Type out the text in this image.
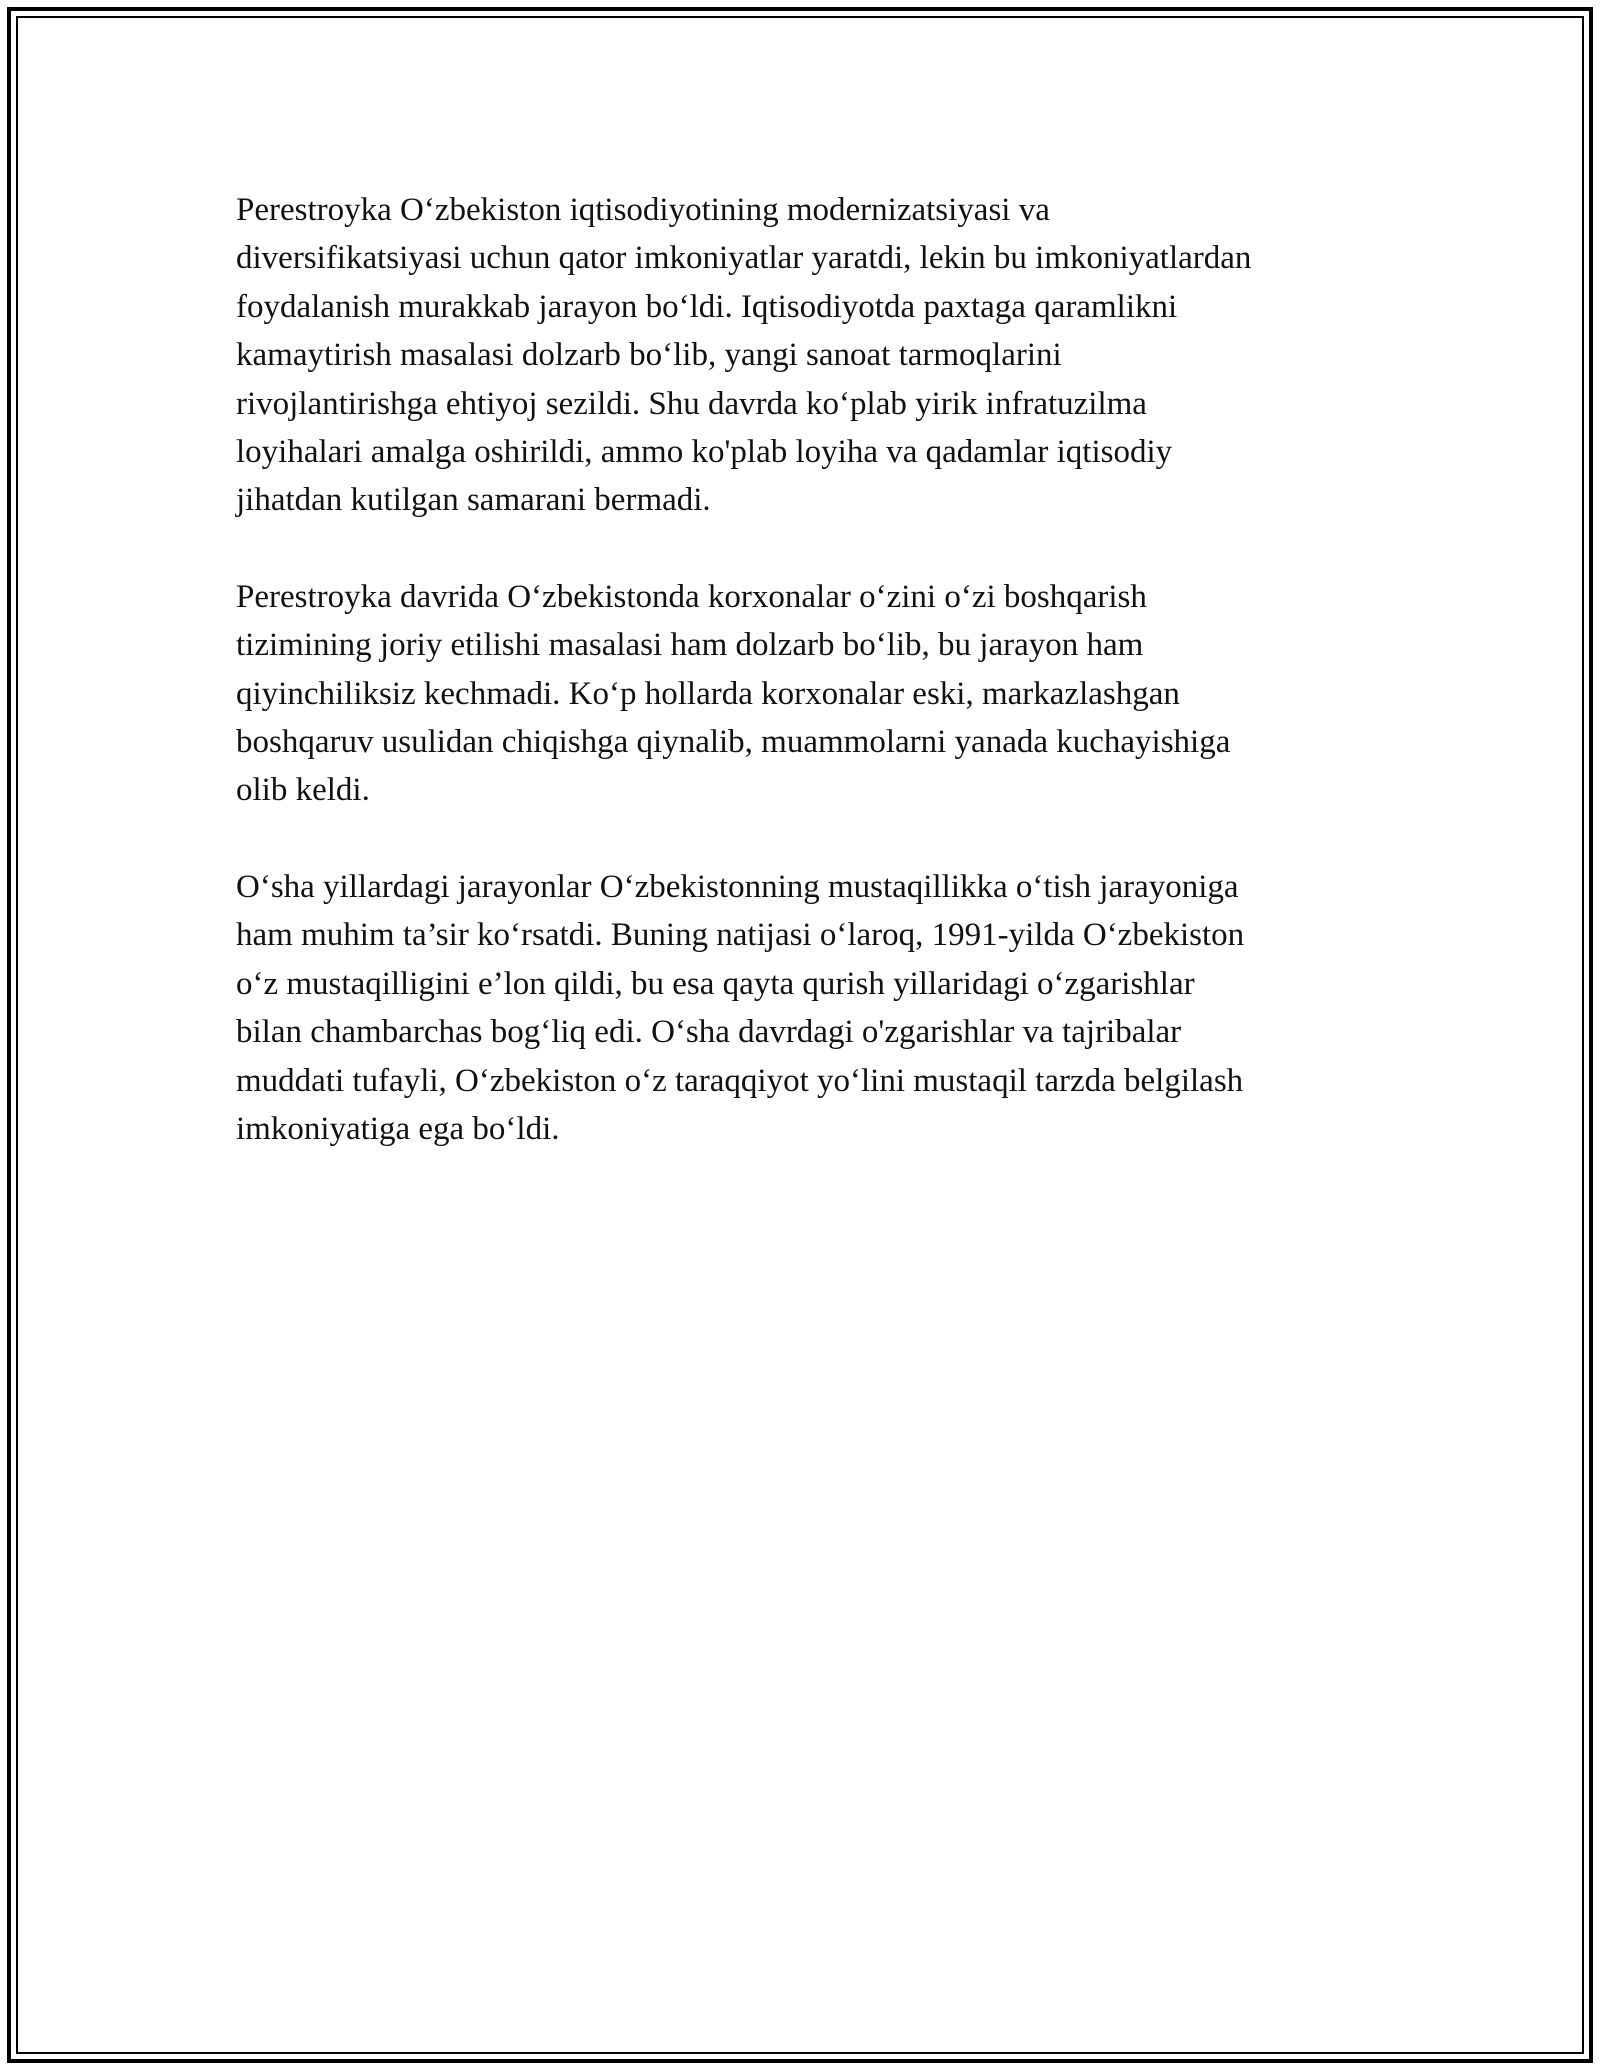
Perestroyka O‘zbekiston iqtisodiyotining modernizatsiyasi va
diversifikatsiyasi uchun qator imkoniyatlar yaratdi, lekin bu imkoniyatlardan
foydalanish murakkab jarayon bo‘ldi. Iqtisodiyotda paxtaga qaramlikni
kamaytirish masalasi dolzarb bo‘lib, yangi sanoat tarmoqlarini
rivojlantirishga ehtiyoj sezildi. Shu davrda ko‘plab yirik infratuzilma
loyihalari amalga oshirildi, ammo ko'plab loyiha va qadamlar iqtisodiy
jihatdan kutilgan samarani bermadi.

Perestroyka davrida O‘zbekistonda korxonalar o‘zini o‘zi boshqarish
tizimining joriy etilishi masalasi ham dolzarb bo‘lib, bu jarayon ham
qiyinchiliksiz kechmadi. Ko‘p hollarda korxonalar eski, markazlashgan
boshqaruv usulidan chiqishga qiynalib, muammolarni yanada kuchayishiga
olib keldi.

O‘sha yillardagi jarayonlar O‘zbekistonning mustaqillikka o‘tish jarayoniga
ham muhim ta’sir ko‘rsatdi. Buning natijasi o‘laroq, 1991-yilda O‘zbekiston
o‘z mustaqilligini e’lon qildi, bu esa qayta qurish yillaridagi o‘zgarishlar
bilan chambarchas bog‘liq edi. O‘sha davrdagi o'zgarishlar va tajribalar
muddati tufayli, O‘zbekiston o‘z taraqqiyot yo‘lini mustaqil tarzda belgilash
imkoniyatiga ega bo‘ldi.
